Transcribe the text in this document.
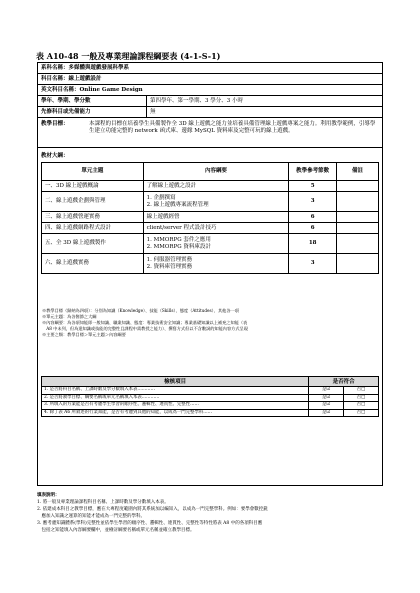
表 A10-48 一般及專業理論課程綱要表 (4-1-S-1)
系科名稱：多媒體與遊戲發展科學系
科目名稱：線上遊戲設計
英文科目名稱：Online Game Design
學年、學期、學分數	第四學年、第一學期、3 學分、3 小時
先修科目或先備能力	無
教學目標：	本課程的目標在培養學生具備製作全 3D 線上遊戲之能力並培養具備管理線上遊戲專案之能力。利用教學範例，引導學生建立功能完整的 network 函式庫、邊緣 MySQL 資料庫及完整可玩的線上遊戲。
教材大綱：
單元主題	內容綱要	教學參考節數	備註
一、3D 線上遊戲概論	了解線上遊戲之設計	5	
二、線上遊戲企劃與管理	1. 企劃撰寫
2. 線上遊戲專案流程管理	3	
三、線上遊戲營運實務	線上遊戲經營	6	
四、線上遊戲網路程式設計	client/server 程式設計技巧	6	
五、全 3D 線上遊戲製作	1. MMORPG 套件之應用
2. MMORPG 資料庫設計	18	
六、線上遊戲實務	1. 伺服器管理實務
2. 資料庫管理實務	3	
※教學目標（歸納為四項）：分別為知識（Knowledge）、技能（Skills）、態度（Attitudes）、其他各一項
※單元主題：為各箇節之大綱
※內容綱要：為各項知能即一般知識、職業知識、態度：專業技術安全知識；專業基礎知識以上補充之知能（表
　A8 中未列，但為達知識或技能的完整性且課程中需教授之能力）、撰寫方式但以不含數詞的知能內容方式呈現
※主要之類：教學目標＞單元主題＞內容綱要
檢核項目	是否符合	
1. 是否將科目名稱、上課時數及學分數填入本表…………	是☑	否□
2. 是否將教學目標、綱要名稱或單元名稱填入本表…………	是☑	否□
3. 所填入的方案能是否有考慮學生學習的順序性、邏輯性、連貫性、完整性……	是☑	否□
4. 除了表 A6 所敘述的行業知能，是否有考慮到其他的知能，以成為一門完整學科……	是☑	否□
填表說明：
1. 將一般及專業理論課程科目名稱、上課時數及學分數填入本表。
2. 依建成本科目之教學目標，應在大專程度範圍內將其系統加以編知入，以成為一門完整學科。例如：要學會數控銑
　應加入知識之運算的知能才能成為一門完整的學科。
3. 應考慮知識體系(學科)完整性並依學生學習的順序性、邏輯性、連貫性、完整性等特性將表 A8 中的各項科目應
　包括之知能填入內容綱要欄中，並檢討綱要名稱或單元名稱並確立教學目標。
